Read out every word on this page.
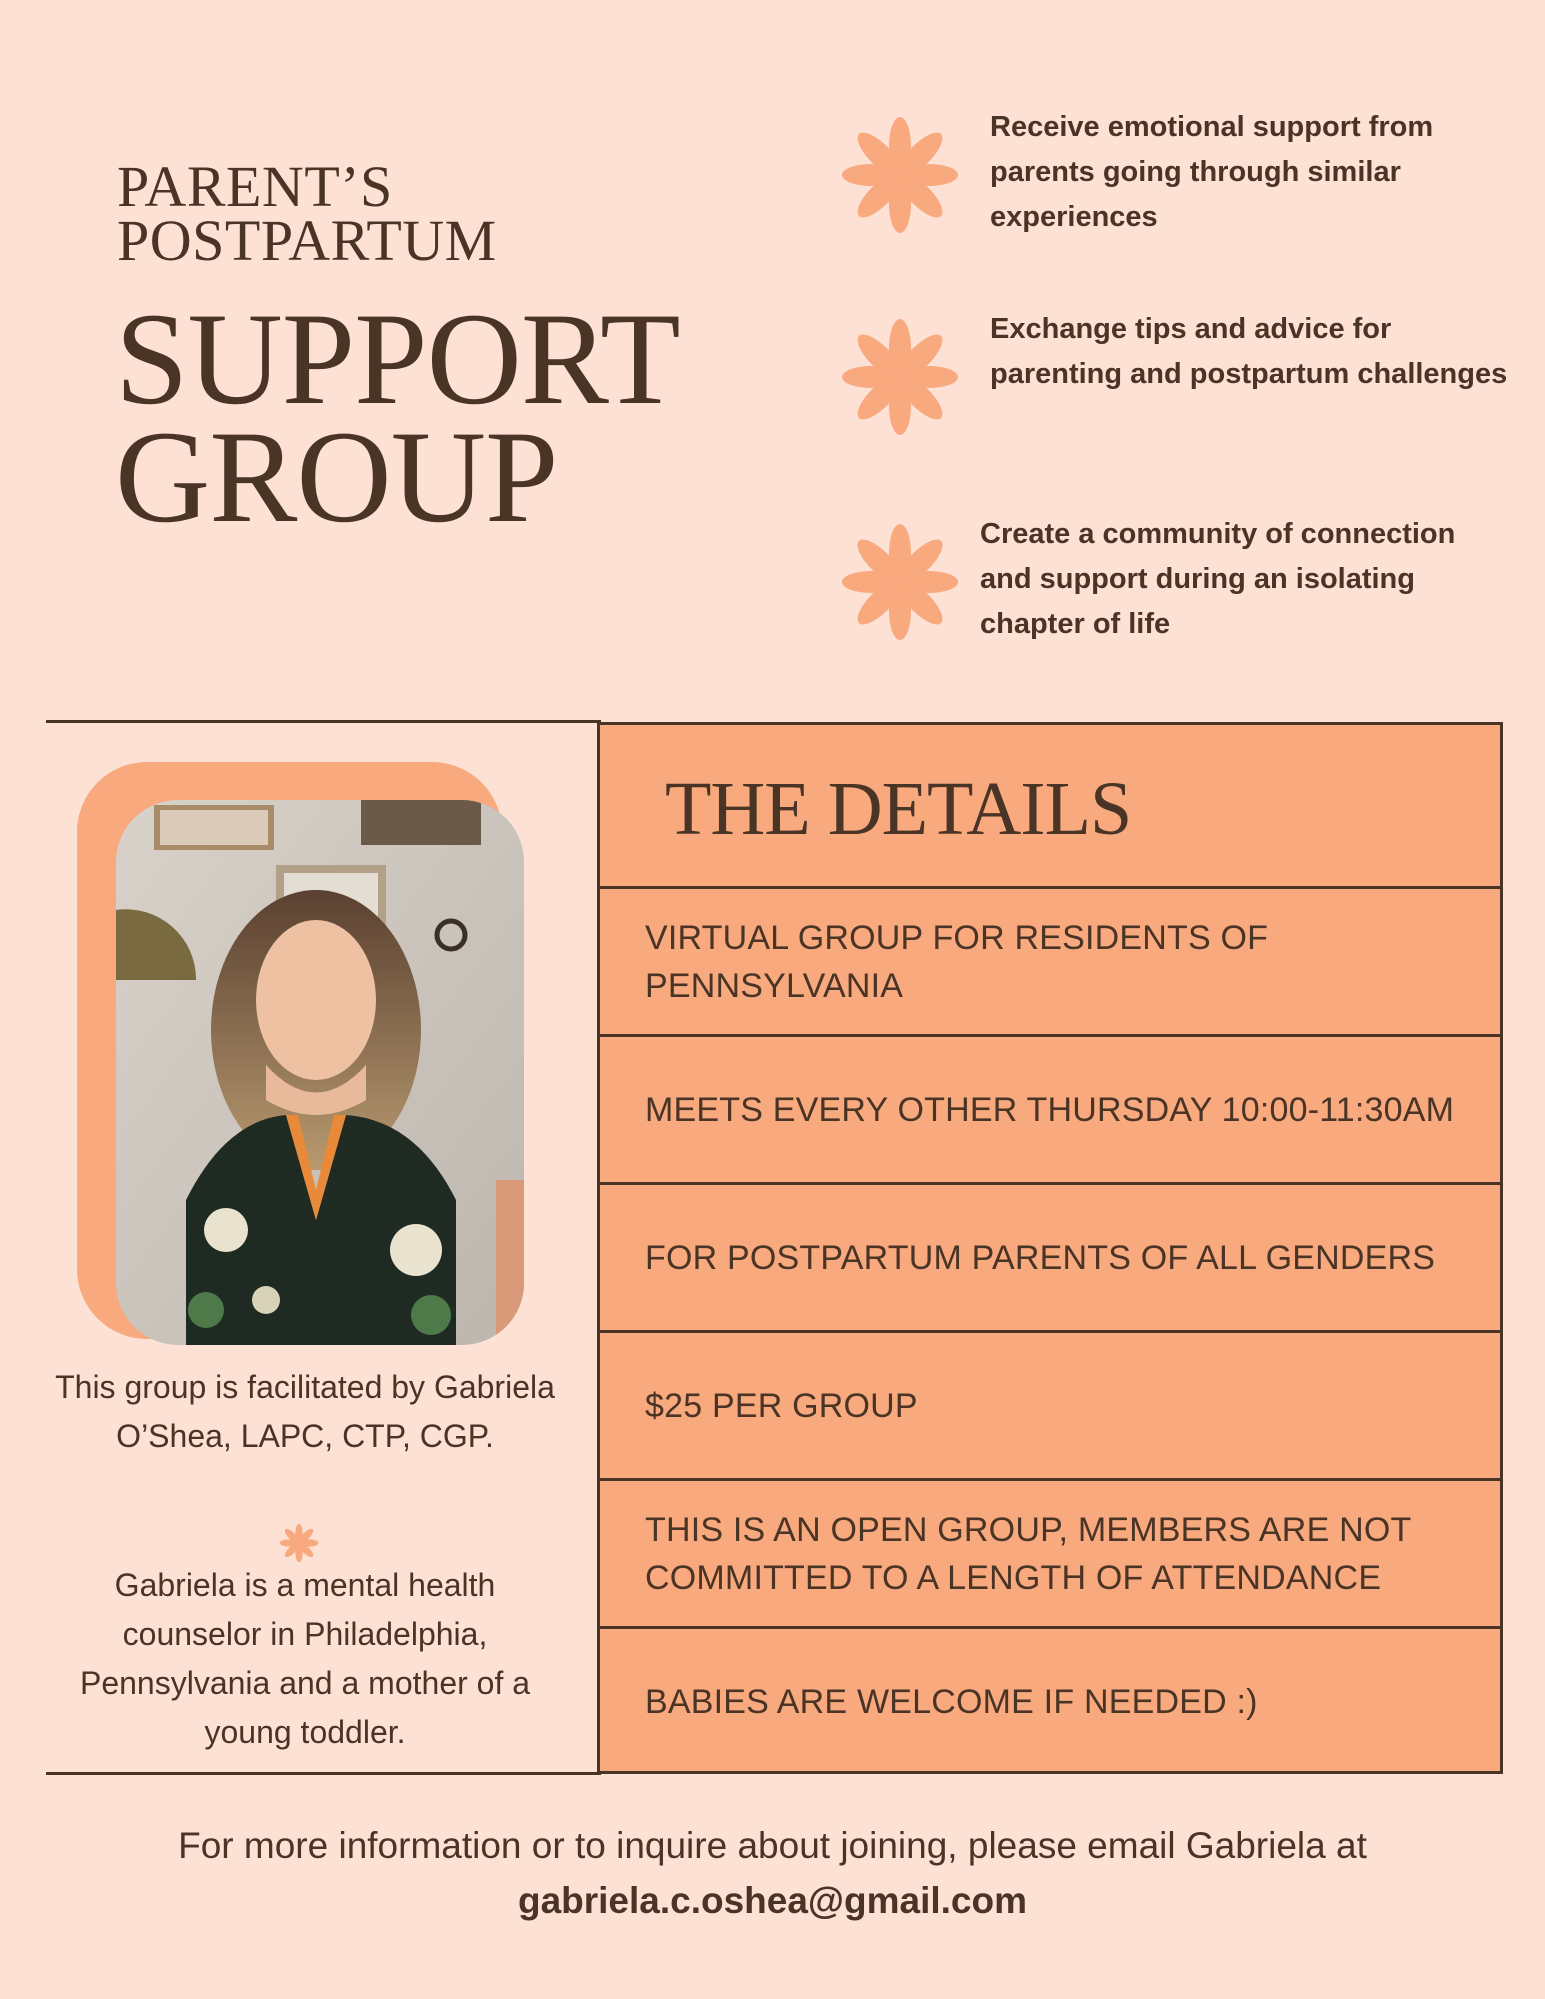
PARENT’S
POSTPARTUM
SUPPORT
GROUP
Receive emotional support from parents going through similar experiences
Exchange tips and advice for parenting and postpartum challenges
Create a community of connection and support during an isolating chapter of life
THE DETAILS
VIRTUAL GROUP FOR RESIDENTS OF PENNSYLVANIA
MEETS EVERY OTHER THURSDAY 10:00-11:30AM
FOR POSTPARTUM PARENTS OF ALL GENDERS
$25 PER GROUP
THIS IS AN OPEN GROUP, MEMBERS ARE NOT COMMITTED TO A LENGTH OF ATTENDANCE
BABIES ARE WELCOME IF NEEDED :)
This group is facilitated by Gabriela O’Shea, LAPC, CTP, CGP.
Gabriela is a mental health counselor in Philadelphia, Pennsylvania and a mother of a young toddler.
For more information or to inquire about joining, please email Gabriela at
gabriela.c.oshea@gmail.com
